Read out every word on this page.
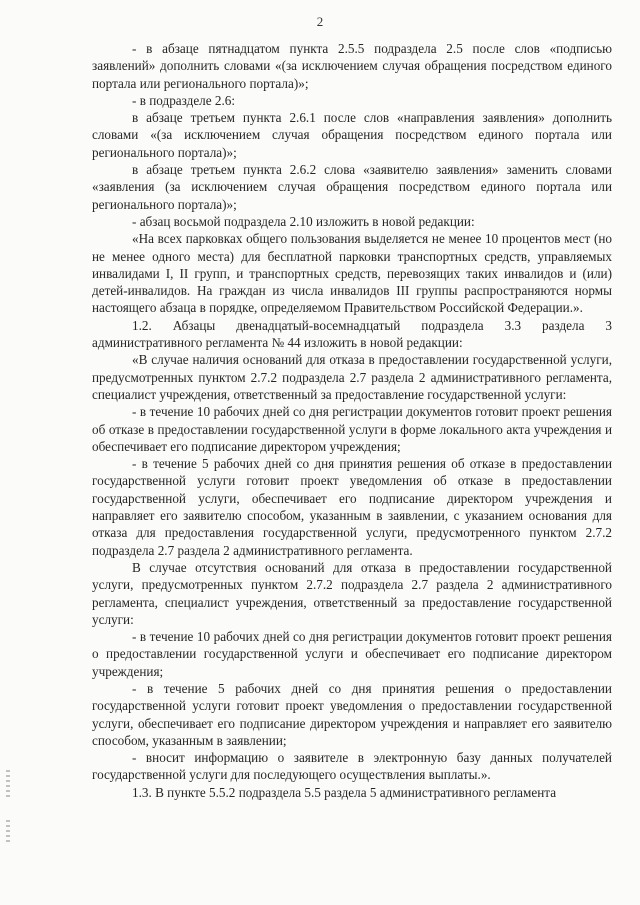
2

- в абзаце пятнадцатом пункта 2.5.5 подраздела 2.5 после слов «подписью заявлений» дополнить словами «(за исключением случая обращения посредством единого портала или регионального портала)»;

- в подразделе 2.6:

в абзаце третьем пункта 2.6.1 после слов «направления заявления» дополнить словами «(за исключением случая обращения посредством единого портала или регионального портала)»;

в абзаце третьем пункта 2.6.2 слова «заявителю заявления» заменить словами «заявления (за исключением случая обращения посредством единого портала или регионального портала)»;

- абзац восьмой подраздела 2.10 изложить в новой редакции:

«На всех парковках общего пользования выделяется не менее 10 процентов мест (но не менее одного места) для бесплатной парковки транспортных средств, управляемых инвалидами I, II групп, и транспортных средств, перевозящих таких инвалидов и (или) детей-инвалидов. На граждан из числа инвалидов III группы распространяются нормы настоящего абзаца в порядке, определяемом Правительством Российской Федерации.».

1.2. Абзацы двенадцатый-восемнадцатый подраздела 3.3 раздела 3 административного регламента № 44 изложить в новой редакции:

«В случае наличия оснований для отказа в предоставлении государственной услуги, предусмотренных пунктом 2.7.2 подраздела 2.7 раздела 2 административного регламента, специалист учреждения, ответственный за предоставление государственной услуги:

- в течение 10 рабочих дней со дня регистрации документов готовит проект решения об отказе в предоставлении государственной услуги в форме локального акта учреждения и обеспечивает его подписание директором учреждения;

- в течение 5 рабочих дней со дня принятия решения об отказе в предоставлении государственной услуги готовит проект уведомления об отказе в предоставлении государственной услуги, обеспечивает его подписание директором учреждения и направляет его заявителю способом, указанным в заявлении, с указанием основания для отказа для предоставления государственной услуги, предусмотренного пунктом 2.7.2 подраздела 2.7 раздела 2 административного регламента.

В случае отсутствия оснований для отказа в предоставлении государственной услуги, предусмотренных пунктом 2.7.2 подраздела 2.7 раздела 2 административного регламента, специалист учреждения, ответственный за предоставление государственной услуги:

- в течение 10 рабочих дней со дня регистрации документов готовит проект решения о предоставлении государственной услуги и обеспечивает его подписание директором учреждения;

- в течение 5 рабочих дней со дня принятия решения о предоставлении государственной услуги готовит проект уведомления о предоставлении государственной услуги, обеспечивает его подписание директором учреждения и направляет его заявителю способом, указанным в заявлении;

- вносит информацию о заявителе в электронную базу данных получателей государственной услуги для последующего осуществления выплаты.».

1.3. В пункте 5.5.2 подраздела 5.5 раздела 5 административного регламента
